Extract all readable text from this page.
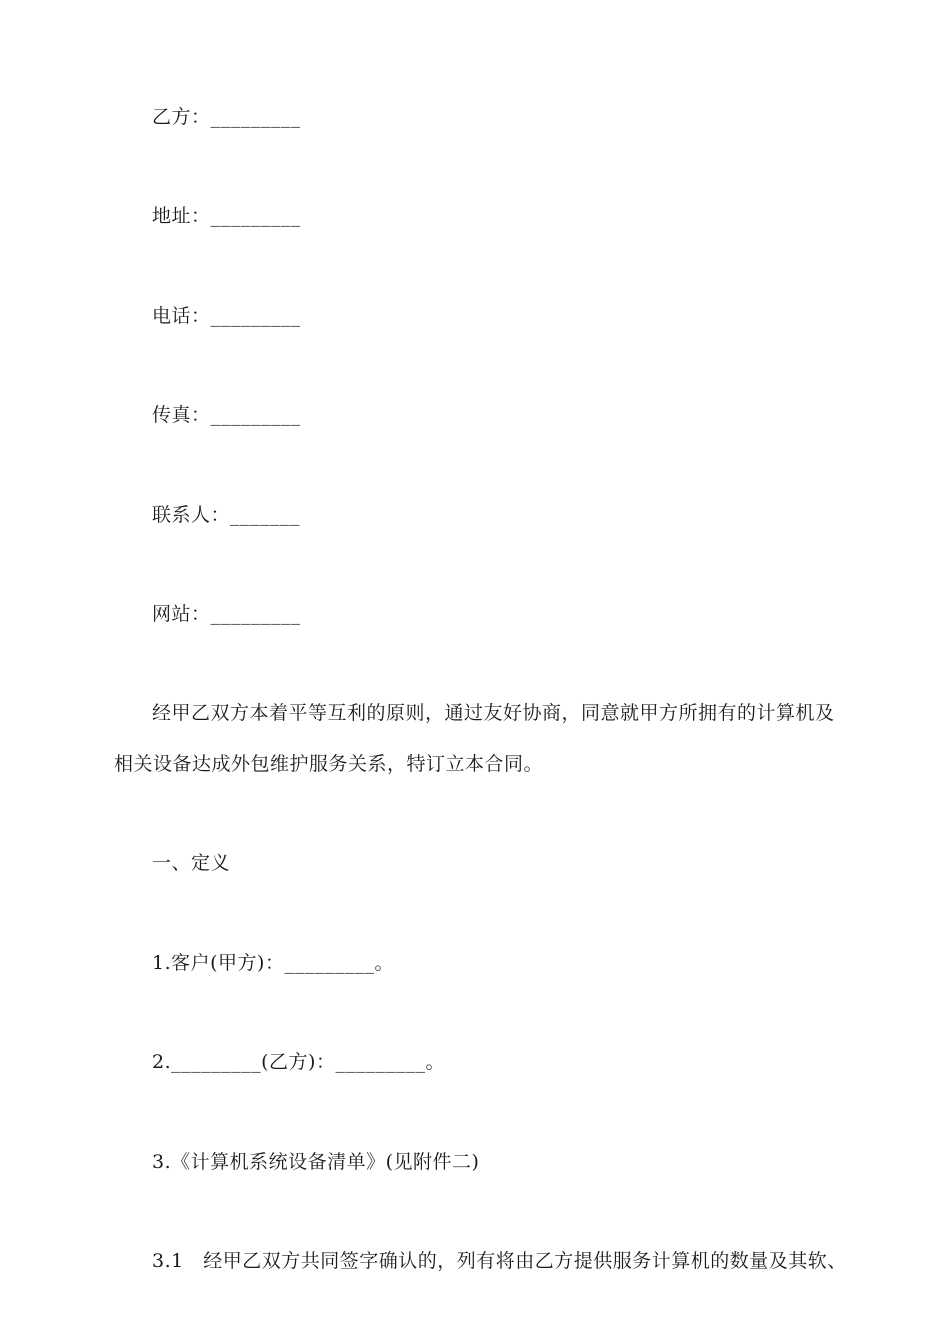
乙方：_________
地址：_________
电话：_________
传真：_________
联系人：_______
网站：_________
经甲乙双方本着平等互利的原则，通过友好协商，同意就甲方所拥有的计算机及
相关设备达成外包维护服务关系，特订立本合同。
一、定义
1.客户(甲方)：_________。
2._________(乙方)：_________。
3.《计算机系统设备清单》(见附件二)
3.1　经甲乙双方共同签字确认的，列有将由乙方提供服务计算机的数量及其软、
